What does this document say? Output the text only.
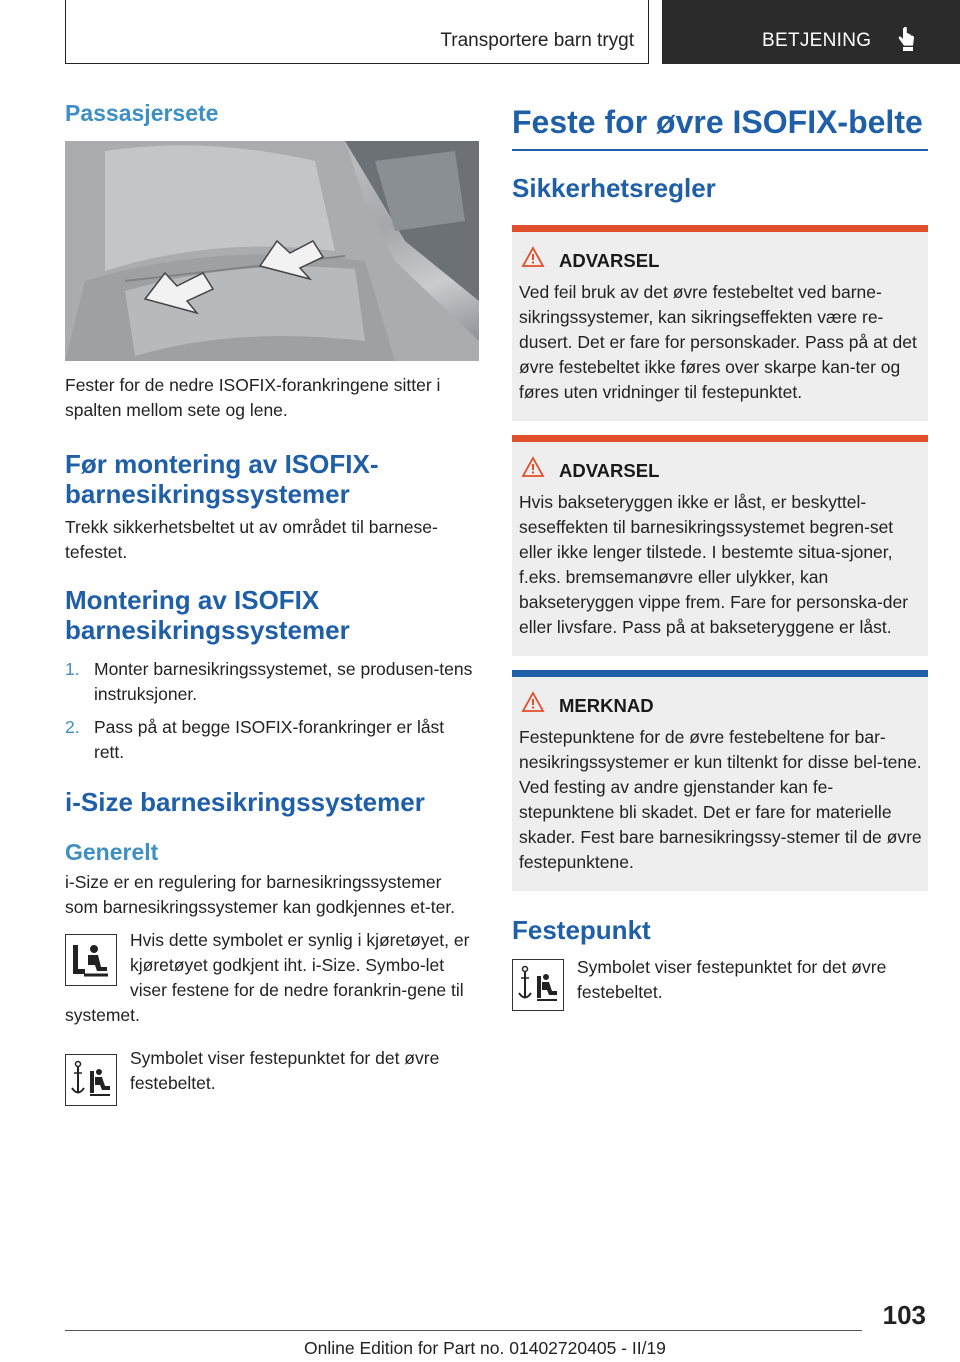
Transportere barn trygt	BETJENING
Passasjersete

Fester for de nedre ISOFIX-forankringene sitter i spalten mellom sete og lene.

Før montering av ISOFIX-barnesikringssystemer

Trekk sikkerhetsbeltet ut av området til barnese-tefestet.

Montering av ISOFIX barnesikringssystemer
1. Monter barnesikringssystemet, se produsen-tens instruksjoner.
2. Pass på at begge ISOFIX-forankringer er låst rett.
i-Size barnesikringssystemer
Generelt

i-Size er en regulering for barnesikringssystemer som barnesikringssystemer kan godkjennes et-ter.

Hvis dette symbolet er synlig i kjøretøyet, er kjøretøyet godkjent iht. i-Size. Symbo-let viser festene for de nedre forankrin-gene til systemet.

Symbolet viser festepunktet for det øvre festebeltet.

Feste for øvre ISOFIX-belte
Sikkerhetsregler
ADVARSEL

Ved feil bruk av det øvre festebeltet ved barne-sikringssystemer, kan sikringseffekten være re-dusert. Det er fare for personskader. Pass på at det øvre festebeltet ikke føres over skarpe kan-ter og føres uten vridninger til festepunktet.

ADVARSEL

Hvis bakseteryggen ikke er låst, er beskyttel-seseffekten til barnesikringssystemet begren-set eller ikke lenger tilstede. I bestemte situa-sjoner, f.eks. bremsemanøvre eller ulykker, kan bakseteryggen vippe frem. Fare for personska-der eller livsfare. Pass på at bakseteryggene er låst.

MERKNAD

Festepunktene for de øvre festebeltene for bar-nesikringssystemer er kun tiltenkt for disse bel-tene. Ved festing av andre gjenstander kan fe-stepunktene bli skadet. Det er fare for materielle skader. Fest bare barnesikringssy-stemer til de øvre festepunktene.

Festepunkt

Symbolet viser festepunktet for det øvre festebeltet.

103
Online Edition for Part no. 01402720405 - II/19
